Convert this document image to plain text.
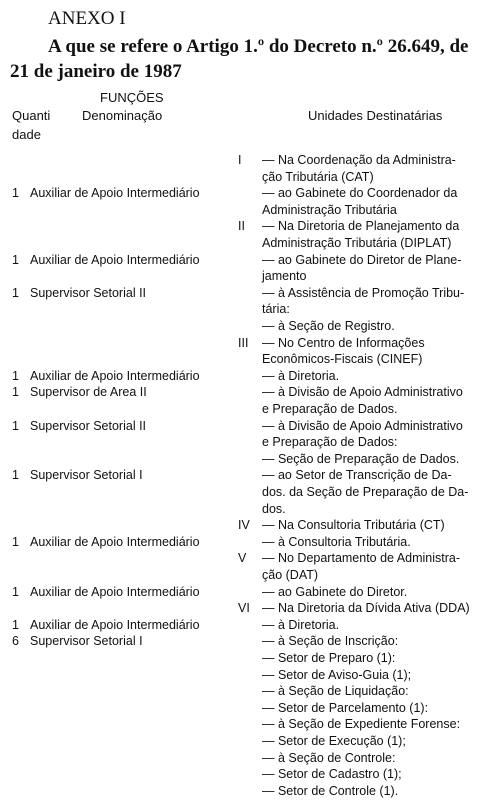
ANEXO I
A que se refere o Artigo 1.º do Decreto n.º 26.649, de
21 de janeiro de 1987
FUNÇÕES
Quanti
dade
Denominação	Unidades Destinatárias
I — Na Coordenação da Administra-
ção Tributária (CAT)
1 Auxiliar de Apoio Intermediário	— ao Gabinete do Coordenador da
Administração Tributária
II — Na Diretoria de Planejamento da
Administração Tributária (DIPLAT)
1 Auxiliar de Apoio Intermediário	— ao Gabinete do Diretor de Plane-
jamento
1 Supervisor Setorial II	— à Assistência de Promoção Tribu-
tária:
— à Seção de Registro.
III — No Centro de Informações
Econômicos-Fiscais (CINEF)
1 Auxiliar de Apoio Intermediário	— à Diretoria.
1 Supervisor de Area II	— à Divisão de Apoio Administrativo
e Preparação de Dados.
1 Supervisor Setorial II	— à Divisão de Apoio Administrativo
e Preparação de Dados:
— Seção de Preparação de Dados.
1 Supervisor Setorial I	— ao Setor de Transcrição de Da-
dos. da Seção de Preparação de Da-
dos.
IV — Na Consultoria Tributária (CT)
1 Auxiliar de Apoio Intermediário	— à Consultoria Tributária.
V — No Departamento de Administra-
ção (DAT)
1 Auxiliar de Apoio Intermediário	— ao Gabinete do Diretor.
VI — Na Diretoria da Dívida Ativa (DDA)
1 Auxiliar de Apoio Intermediário	— à Diretoria.
6 Supervisor Setorial I	— à Seção de Inscrição:
— Setor de Preparo (1):
— Setor de Aviso-Guia (1);
— à Seção de Liquidação:
— Setor de Parcelamento (1):
— à Seção de Expediente Forense:
— Setor de Execução (1);
— à Seção de Controle:
— Setor de Cadastro (1);
— Setor de Controle (1).
